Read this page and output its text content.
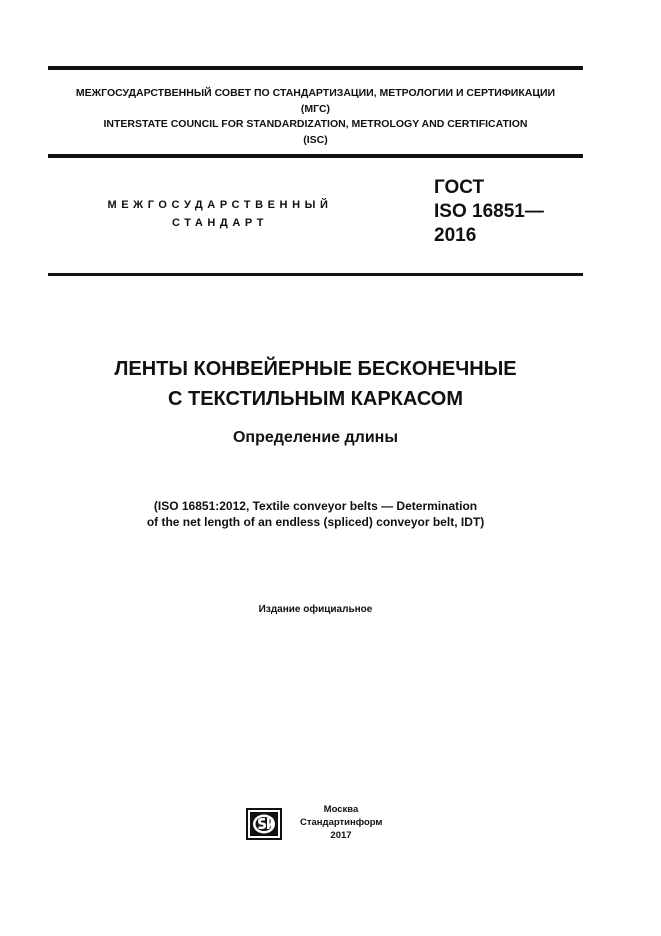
МЕЖГОСУДАРСТВЕННЫЙ СОВЕТ ПО СТАНДАРТИЗАЦИИ, МЕТРОЛОГИИ И СЕРТИФИКАЦИИ
(МГС)
INTERSTATE COUNCIL FOR STANDARDIZATION, METROLOGY AND CERTIFICATION
(ISC)
МЕЖГОСУДАРСТВЕННЫЙ
СТАНДАРТ
ГОСТ
ISO 16851—
2016
ЛЕНТЫ КОНВЕЙЕРНЫЕ БЕСКОНЕЧНЫЕ
С ТЕКСТИЛЬНЫМ КАРКАСОМ
Определение длины
(ISO 16851:2012, Textile conveyor belts — Determination
of the net length of an endless (spliced) conveyor belt, IDT)
Издание официальное
Москва
Стандартинформ
2017
